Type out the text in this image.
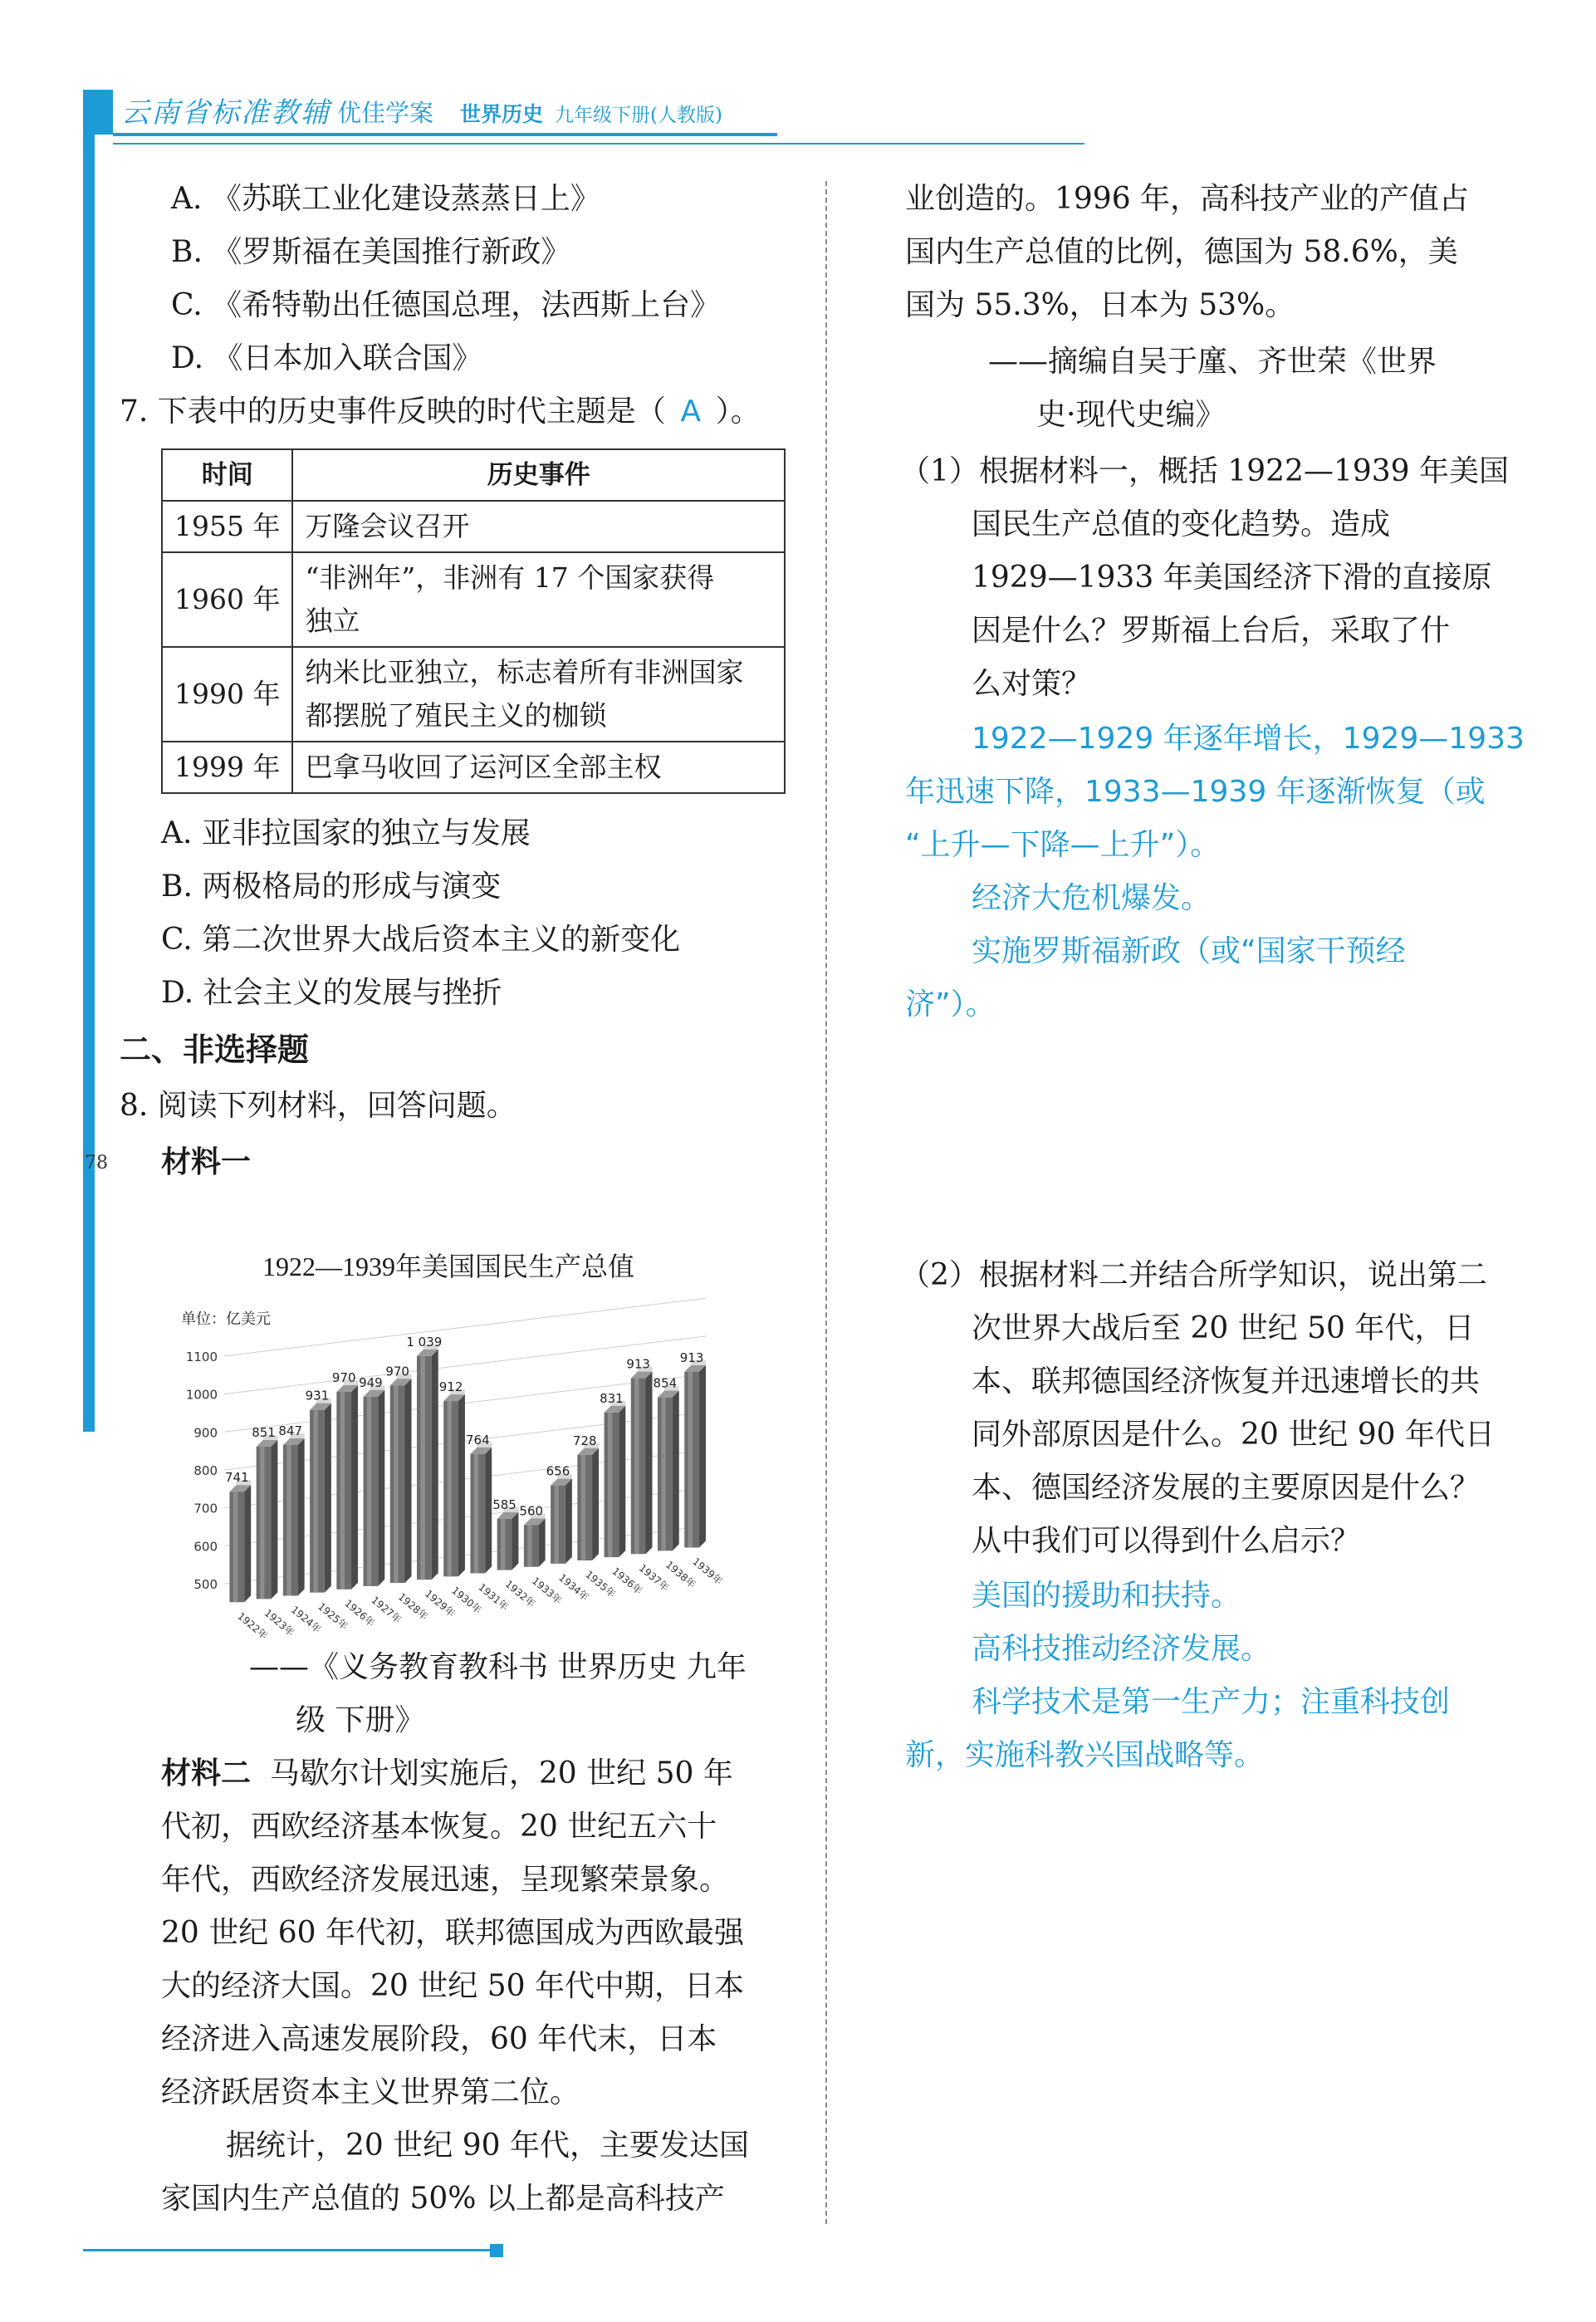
云南省标准教辅 优佳学案 世界历史 九年级下册(人教版)
78
A. 《苏联工业化建设蒸蒸日上》
B. 《罗斯福在美国推行新政》
C. 《希特勒出任德国总理，法西斯上台》
D. 《日本加入联合国》
7. 下表中的历史事件反映的时代主题是（ A ）。
时间	历史事件
1955 年	万隆会议召开
1960 年	“非洲年”，非洲有 17 个国家获得
独立
1990 年	纳米比亚独立，标志着所有非洲国家
都摆脱了殖民主义的枷锁
1999 年	巴拿马收回了运河区全部主权
A. 亚非拉国家的独立与发展
B. 两极格局的形成与演变
C. 第二次世界大战后资本主义的新变化
D. 社会主义的发展与挫折
二、非选择题
8. 阅读下列材料，回答问题。
材料一
1922—1939年美国国民生产总值
单位：亿美元
741
851 847
931
970 949
970
1 039
912
764
585 560
656
728
831
913
854
913
1922年
1923年
1924年
1925年
1926年
1927年
1928年
1929年
1930年
1931年
1932年
1933年
1934年
1935年
1936年
1937年
1938年
1939年
500
600
700
800
900
1000
1100
——《义务教育教科书 世界历史 九年
级 下册》
材料二 马歇尔计划实施后，20 世纪 50 年
代初，西欧经济基本恢复。20 世纪五六十
年代，西欧经济发展迅速，呈现繁荣景象。
20 世纪 60 年代初，联邦德国成为西欧最强
大的经济大国。20 世纪 50 年代中期，日本
经济进入高速发展阶段，60 年代末，日本
经济跃居资本主义世界第二位。
据统计，20 世纪 90 年代，主要发达国
家国内生产总值的 50% 以上都是高科技产
业创造的。1996 年，高科技产业的产值占
国内生产总值的比例，德国为 58.6%，美
国为 55.3%，日本为 53%。
——摘编自吴于廑、齐世荣《世界
史·现代史编》
（1）根据材料一，概括 1922—1939 年美国
国民生产总值的变化趋势。造成
1929—1933 年美国经济下滑的直接原
因是什么？罗斯福上台后，采取了什
么对策？
1922—1929 年逐年增长，1929—1933
年迅速下降，1933—1939 年逐渐恢复（或
“上升—下降—上升”）。
经济大危机爆发。
实施罗斯福新政（或“国家干预经
济”）。
（2）根据材料二并结合所学知识，说出第二
次世界大战后至 20 世纪 50 年代，日
本、联邦德国经济恢复并迅速增长的共
同外部原因是什么。20 世纪 90 年代日
本、德国经济发展的主要原因是什么？
从中我们可以得到什么启示？
美国的援助和扶持。
高科技推动经济发展。
科学技术是第一生产力；注重科技创
新，实施科教兴国战略等。
